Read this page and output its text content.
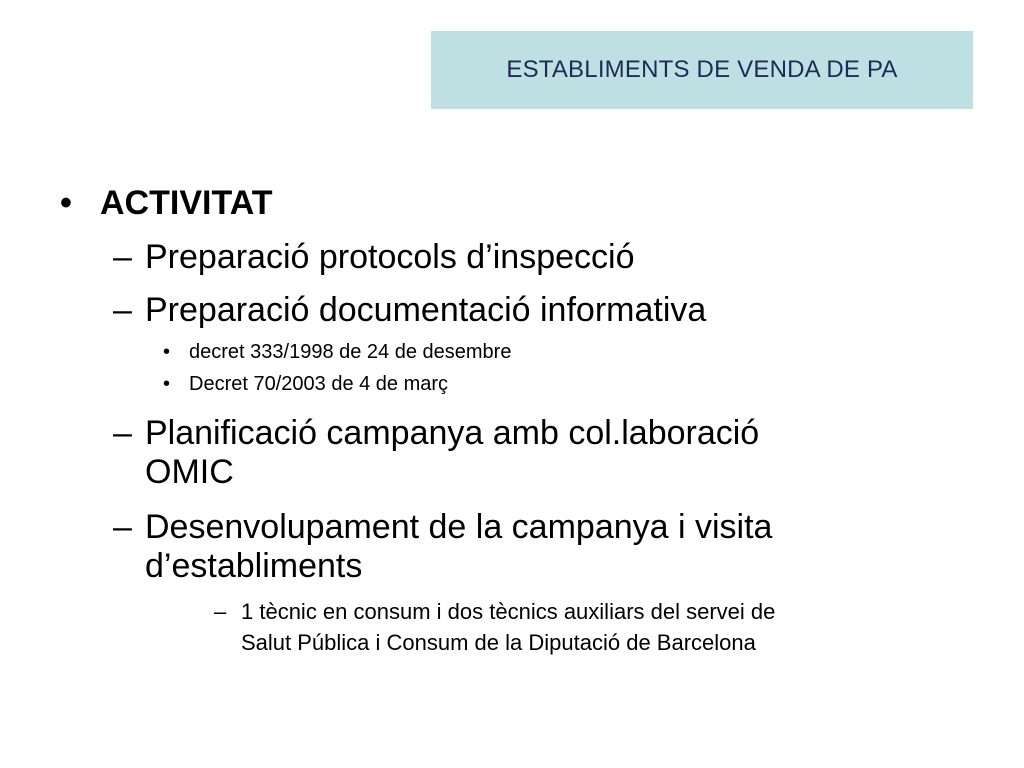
ESTABLIMENTS DE VENDA DE PA
• ACTIVITAT
– Preparació protocols d’inspecció
– Preparació documentació informativa
• decret 333/1998 de 24 de desembre
• Decret 70/2003 de 4 de març
– Planificació campanya amb col.laboració
OMIC
– Desenvolupament de la campanya i visita
d’establiments
– 1 tècnic en consum i dos tècnics auxiliars del servei de
Salut Pública i Consum de la Diputació de Barcelona
